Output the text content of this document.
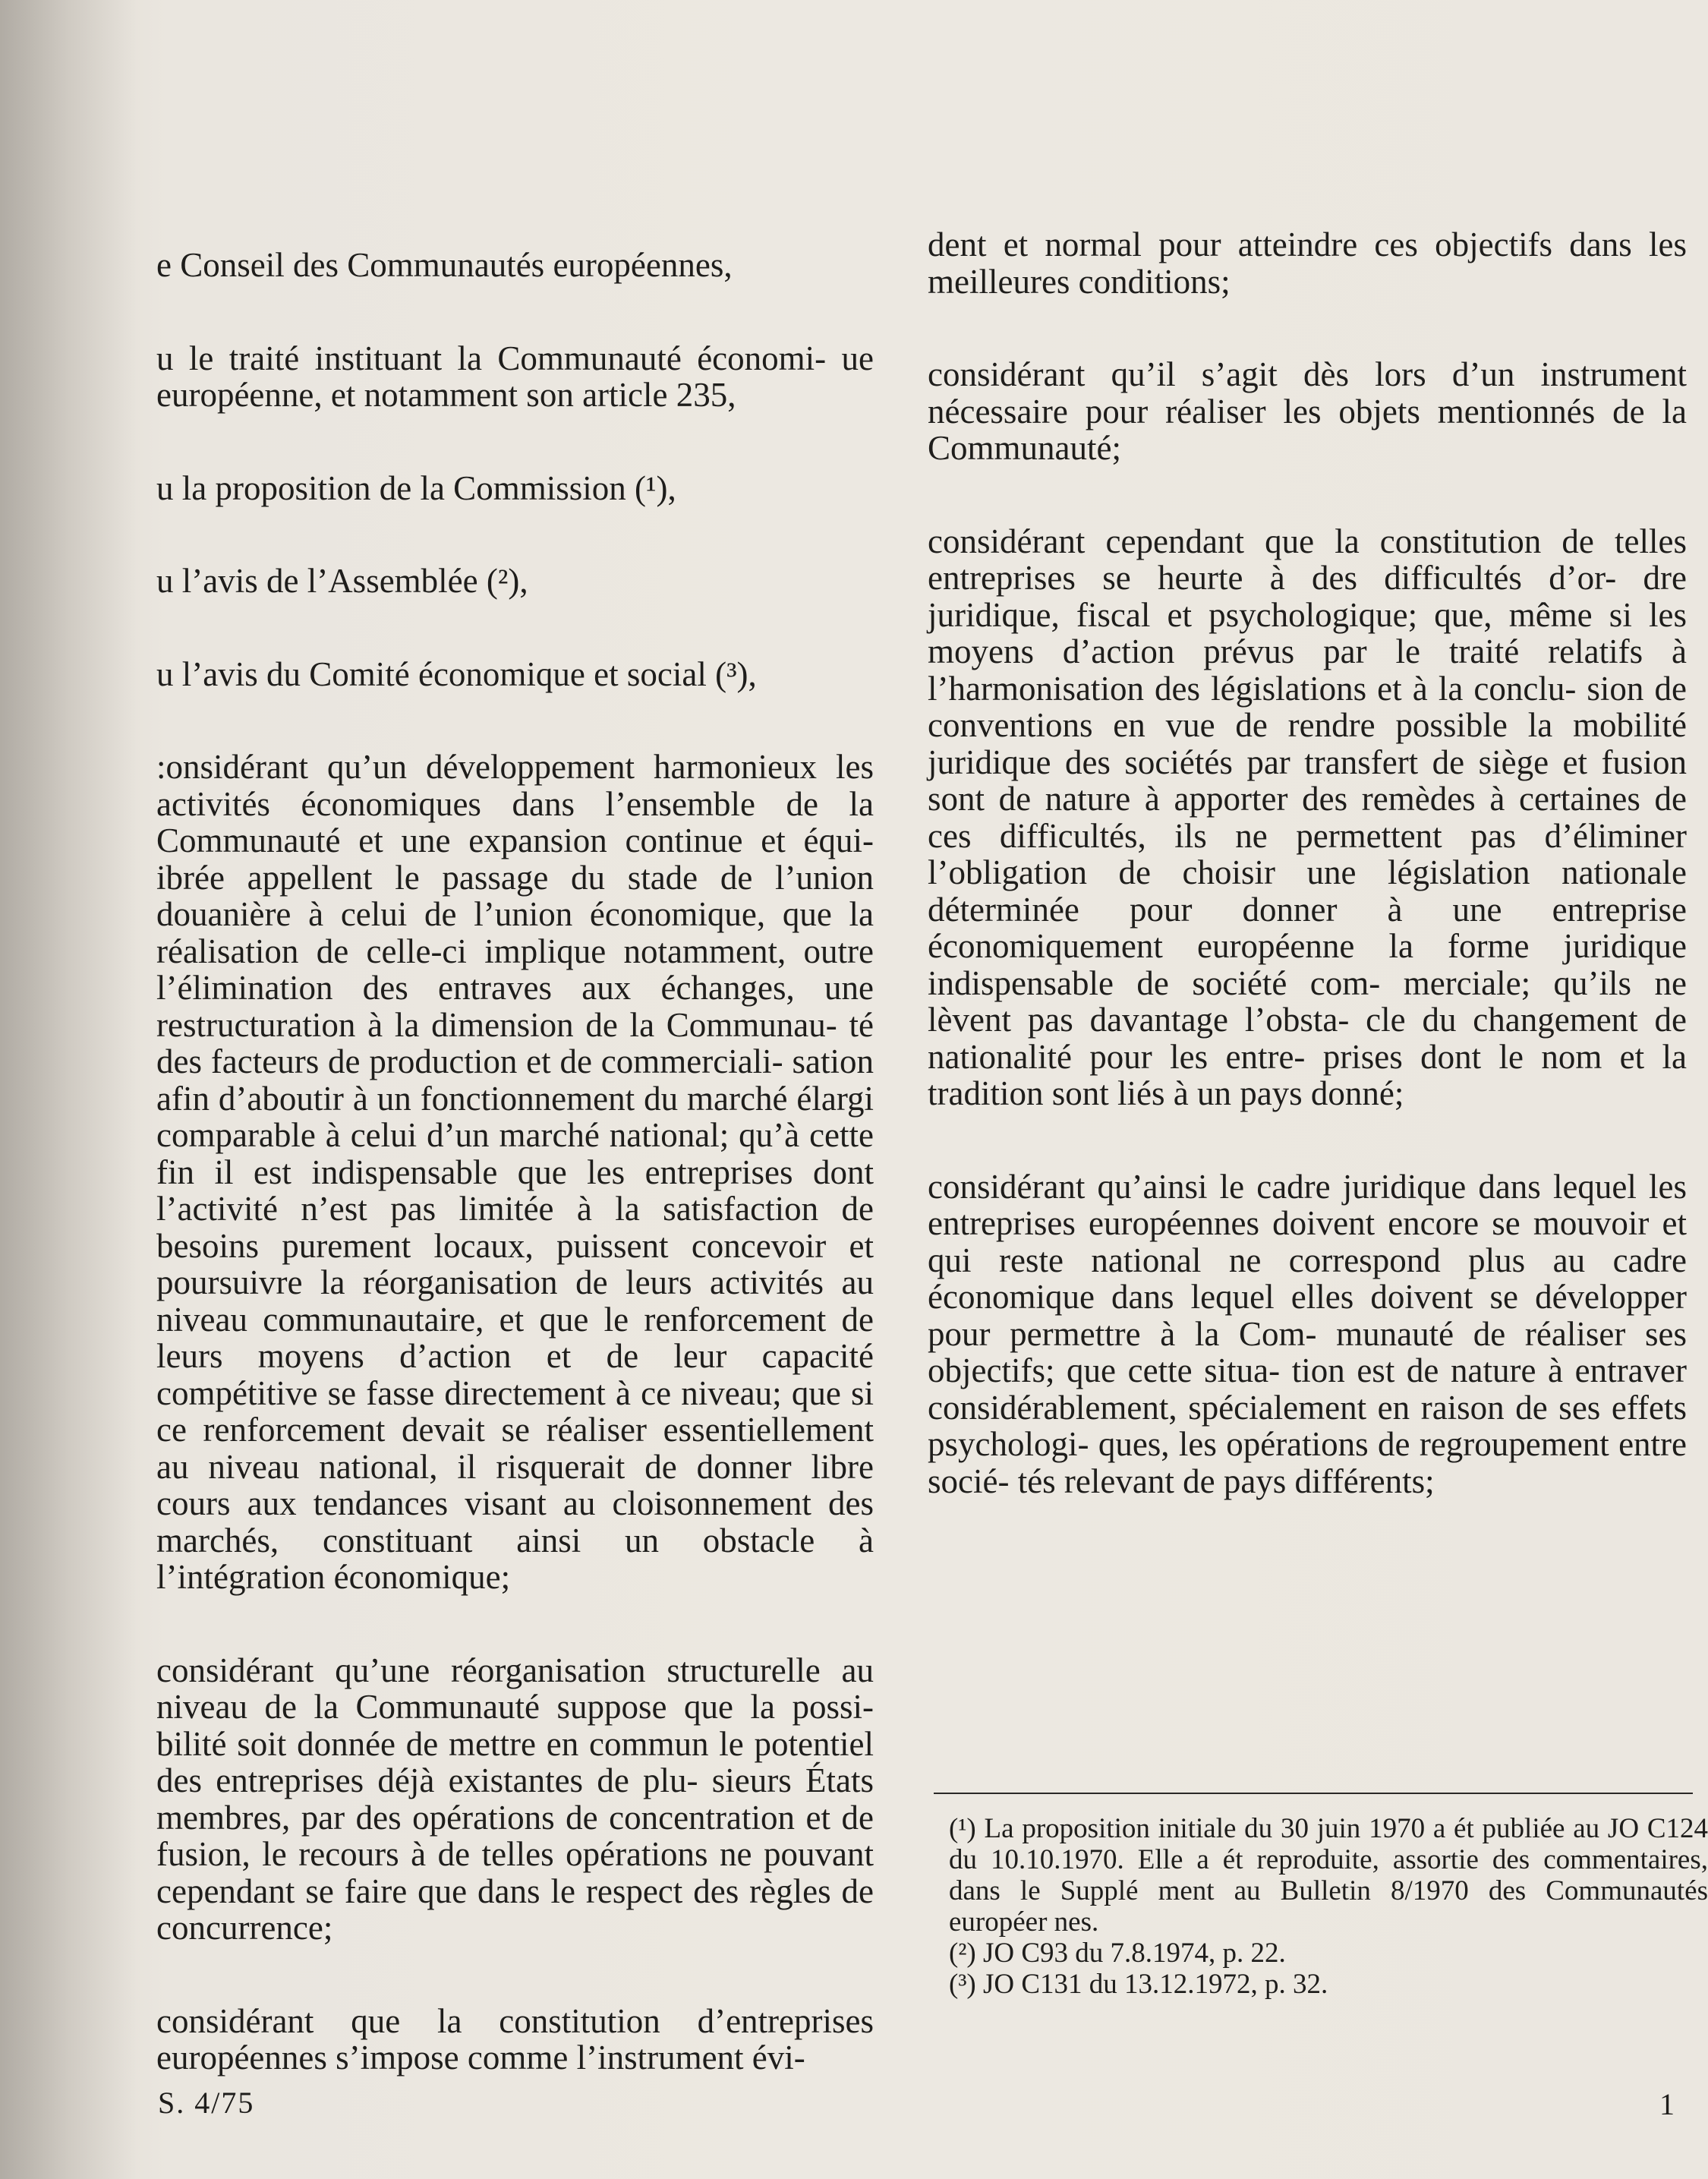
e Conseil des Communautés européennes,

u le traité instituant la Communauté économi- ue européenne, et notamment son article 235,

u la proposition de la Commission (¹),

u l’avis de l’Assemblée (²),

u l’avis du Comité économique et social (³),

:onsidérant qu’un développement harmonieux les activités économiques dans l’ensemble de la Communauté et une expansion continue et équi- ibrée appellent le passage du stade de l’union douanière à celui de l’union économique, que la réalisation de celle-ci implique notamment, outre l’élimination des entraves aux échanges, une restructuration à la dimension de la Communau- té des facteurs de production et de commerciali- sation afin d’aboutir à un fonctionnement du marché élargi comparable à celui d’un marché national; qu’à cette fin il est indispensable que les entreprises dont l’activité n’est pas limitée à la satisfaction de besoins purement locaux, puissent concevoir et poursuivre la réorganisation de leurs activités au niveau communautaire, et que le renforcement de leurs moyens d’action et de leur capacité compétitive se fasse directement à ce niveau; que si ce renforcement devait se réaliser essentiellement au niveau national, il risquerait de donner libre cours aux tendances visant au cloisonnement des marchés, constituant ainsi un obstacle à l’intégration économique;

considérant qu’une réorganisation structurelle au niveau de la Communauté suppose que la possi- bilité soit donnée de mettre en commun le potentiel des entreprises déjà existantes de plu- sieurs États membres, par des opérations de concentration et de fusion, le recours à de telles opérations ne pouvant cependant se faire que dans le respect des règles de concurrence;

considérant que la constitution d’entreprises européennes s’impose comme l’instrument évi-

dent et normal pour atteindre ces objectifs dans les meilleures conditions;

considérant qu’il s’agit dès lors d’un instrument nécessaire pour réaliser les objets mentionnés de la Communauté;

considérant cependant que la constitution de telles entreprises se heurte à des difficultés d’or- dre juridique, fiscal et psychologique; que, même si les moyens d’action prévus par le traité relatifs à l’harmonisation des législations et à la conclu- sion de conventions en vue de rendre possible la mobilité juridique des sociétés par transfert de siège et fusion sont de nature à apporter des remèdes à certaines de ces difficultés, ils ne permettent pas d’éliminer l’obligation de choisir une législation nationale déterminée pour donner à une entreprise économiquement européenne la forme juridique indispensable de société com- merciale; qu’ils ne lèvent pas davantage l’obsta- cle du changement de nationalité pour les entre- prises dont le nom et la tradition sont liés à un pays donné;

considérant qu’ainsi le cadre juridique dans lequel les entreprises européennes doivent encore se mouvoir et qui reste national ne correspond plus au cadre économique dans lequel elles doivent se développer pour permettre à la Com- munauté de réaliser ses objectifs; que cette situa- tion est de nature à entraver considérablement, spécialement en raison de ses effets psychologi- ques, les opérations de regroupement entre socié- tés relevant de pays différents;

(¹) La proposition initiale du 30 juin 1970 a ét publiée au JO C124 du 10.10.1970. Elle a ét reproduite, assortie des commentaires, dans le Supplé ment au Bulletin 8/1970 des Communautés européer nes.

(²) JO C93 du 7.8.1974, p. 22.

(³) JO C131 du 13.12.1972, p. 32.

S. 4/75	1
